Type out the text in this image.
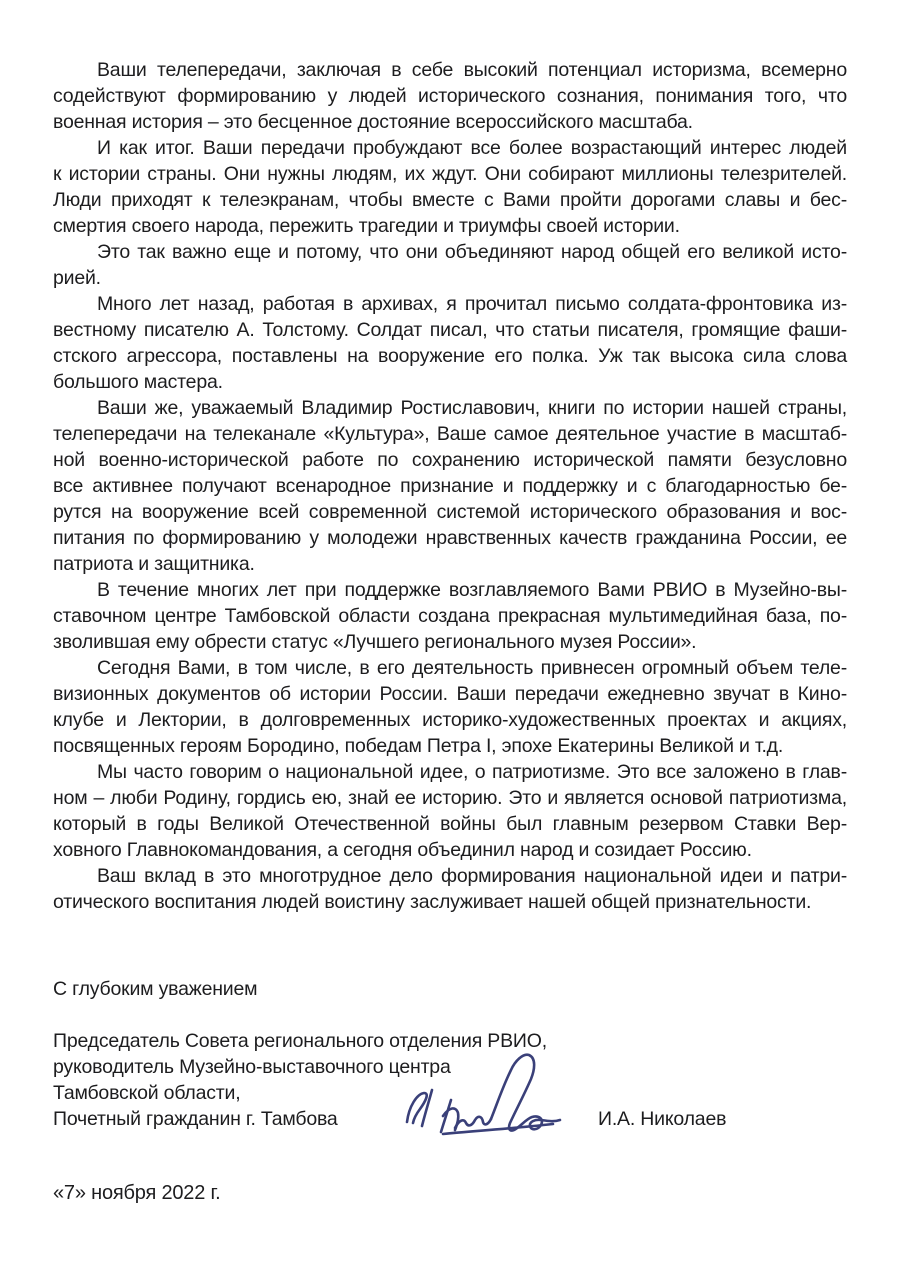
Ваши телепередачи, заключая в себе высокий потенциал историзма, всемерно
содействуют формированию у людей исторического сознания, понимания того, что
военная история – это бесценное достояние всероссийского масштаба.
И как итог. Ваши передачи пробуждают все более возрастающий интерес людей
к истории страны. Они нужны людям, их ждут. Они собирают миллионы телезрителей.
Люди приходят к телеэкранам, чтобы вместе с Вами пройти дорогами славы и бес-
смертия своего народа, пережить трагедии и триумфы своей истории.
Это так важно еще и потому, что они объединяют народ общей его великой исто-
рией.
Много лет назад, работая в архивах, я прочитал письмо солдата-фронтовика из-
вестному писателю А. Толстому. Солдат писал, что статьи писателя, громящие фаши-
стского агрессора, поставлены на вооружение его полка. Уж так высока сила слова
большого мастера.
Ваши же, уважаемый Владимир Ростиславович, книги по истории нашей страны,
телепередачи на телеканале «Культура», Ваше самое деятельное участие в масштаб-
ной военно-исторической работе по сохранению исторической памяти безусловно
все активнее получают всенародное признание и поддержку и с благодарностью бе-
рутся на вооружение всей современной системой исторического образования и вос-
питания по формированию у молодежи нравственных качеств гражданина России, ее
патриота и защитника.
В течение многих лет при поддержке возглавляемого Вами РВИО в Музейно-вы-
ставочном центре Тамбовской области создана прекрасная мультимедийная база, по-
зволившая ему обрести статус «Лучшего регионального музея России».
Сегодня Вами, в том числе, в его деятельность привнесен огромный объем теле-
визионных документов об истории России. Ваши передачи ежедневно звучат в Кино-
клубе и Лектории, в долговременных историко-художественных проектах и акциях,
посвященных героям Бородино, победам Петра I, эпохе Екатерины Великой и т.д.
Мы часто говорим о национальной идее, о патриотизме. Это все заложено в глав-
ном – люби Родину, гордись ею, знай ее историю. Это и является основой патриотизма,
который в годы Великой Отечественной войны был главным резервом Ставки Вер-
ховного Главнокомандования, а сегодня объединил народ и созидает Россию.
Ваш вклад в это многотрудное дело формирования национальной идеи и патри-
отического воспитания людей воистину заслуживает нашей общей признательности.
С глубоким уважением
Председатель Совета регионального отделения РВИО,
руководитель Музейно-выставочного центра
Тамбовской области,
Почетный гражданин г. Тамбова	И.А. Николаев
«7» ноября 2022 г.
